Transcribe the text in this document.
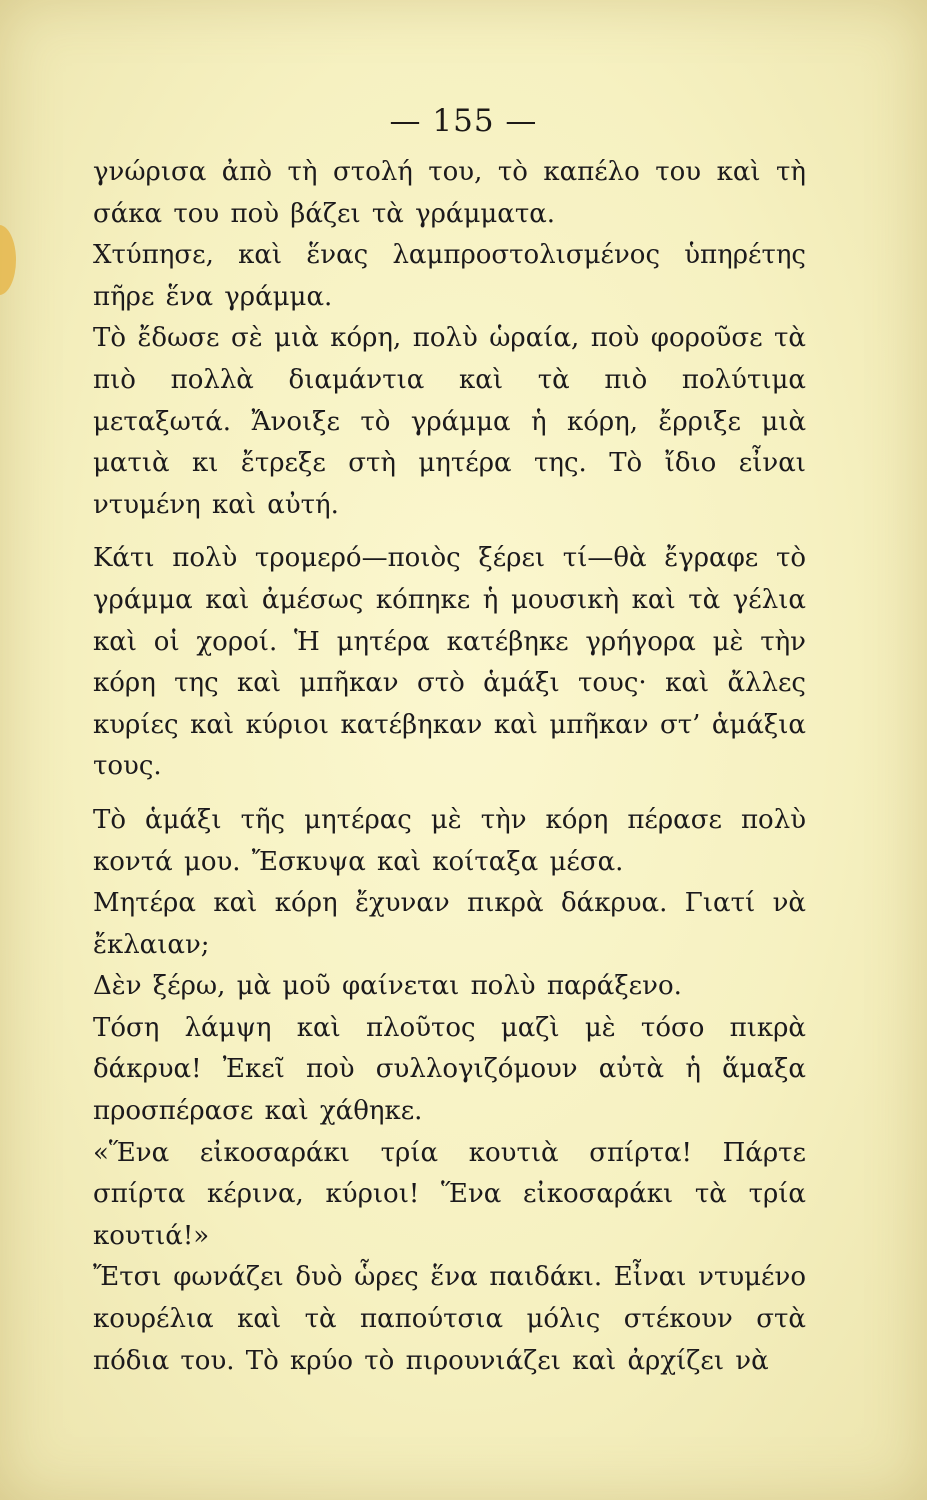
— 155 —

γνώρισα ἀπὸ τὴ στολή του, τὸ καπέλο του καὶ τὴ σάκα του ποὺ βάζει τὰ γράμματα.

Χτύπησε, καὶ ἕνας λαμπροστολισμένος ὑπηρέτης πῆρε ἕνα γράμμα.

Τὸ ἔδωσε σὲ μιὰ κόρη, πολὺ ὡραία, ποὺ φοροῦσε τὰ πιὸ πολλὰ διαμάντια καὶ τὰ πιὸ πολύτιμα μεταξωτά. Ἄνοιξε τὸ γράμμα ἡ κόρη, ἔρριξε μιὰ ματιὰ κι ἔτρεξε στὴ μητέρα της. Τὸ ἴδιο εἶναι ντυμένη καὶ αὐτή.

Κάτι πολὺ τρομερό—ποιὸς ξέρει τί—θὰ ἔγραφε τὸ γράμμα καὶ ἀμέσως κόπηκε ἡ μουσικὴ καὶ τὰ γέλια καὶ οἱ χοροί. Ἡ μητέρα κατέβηκε γρήγορα μὲ τὴν κόρη της καὶ μπῆκαν στὸ ἁμάξι τους· καὶ ἄλλες κυρίες καὶ κύριοι κατέβηκαν καὶ μπῆκαν στ’ ἁμάξια τους.

Τὸ ἁμάξι τῆς μητέρας μὲ τὴν κόρη πέρασε πολὺ κοντά μου. Ἔσκυψα καὶ κοίταξα μέσα.

Μητέρα καὶ κόρη ἔχυναν πικρὰ δάκρυα. Γιατί νὰ ἔκλαιαν;

Δὲν ξέρω, μὰ μοῦ φαίνεται πολὺ παράξενο.

Τόση λάμψη καὶ πλοῦτος μαζὶ μὲ τόσο πικρὰ δάκρυα! Ἐκεῖ ποὺ συλλογιζόμουν αὐτὰ ἡ ἅμαξα προσπέρασε καὶ χάθηκε.

«Ἕνα εἰκοσαράκι τρία κουτιὰ σπίρτα! Πάρτε σπίρτα κέρινα, κύριοι! Ἕνα εἰκοσαράκι τὰ τρία κουτιά!»

Ἔτσι φωνάζει δυὸ ὧρες ἕνα παιδάκι. Εἶναι ντυμένο κουρέλια καὶ τὰ παπούτσια μόλις στέκουν στὰ πόδια του. Τὸ κρύο τὸ πιρουνιάζει καὶ ἀρχίζει νὰ
